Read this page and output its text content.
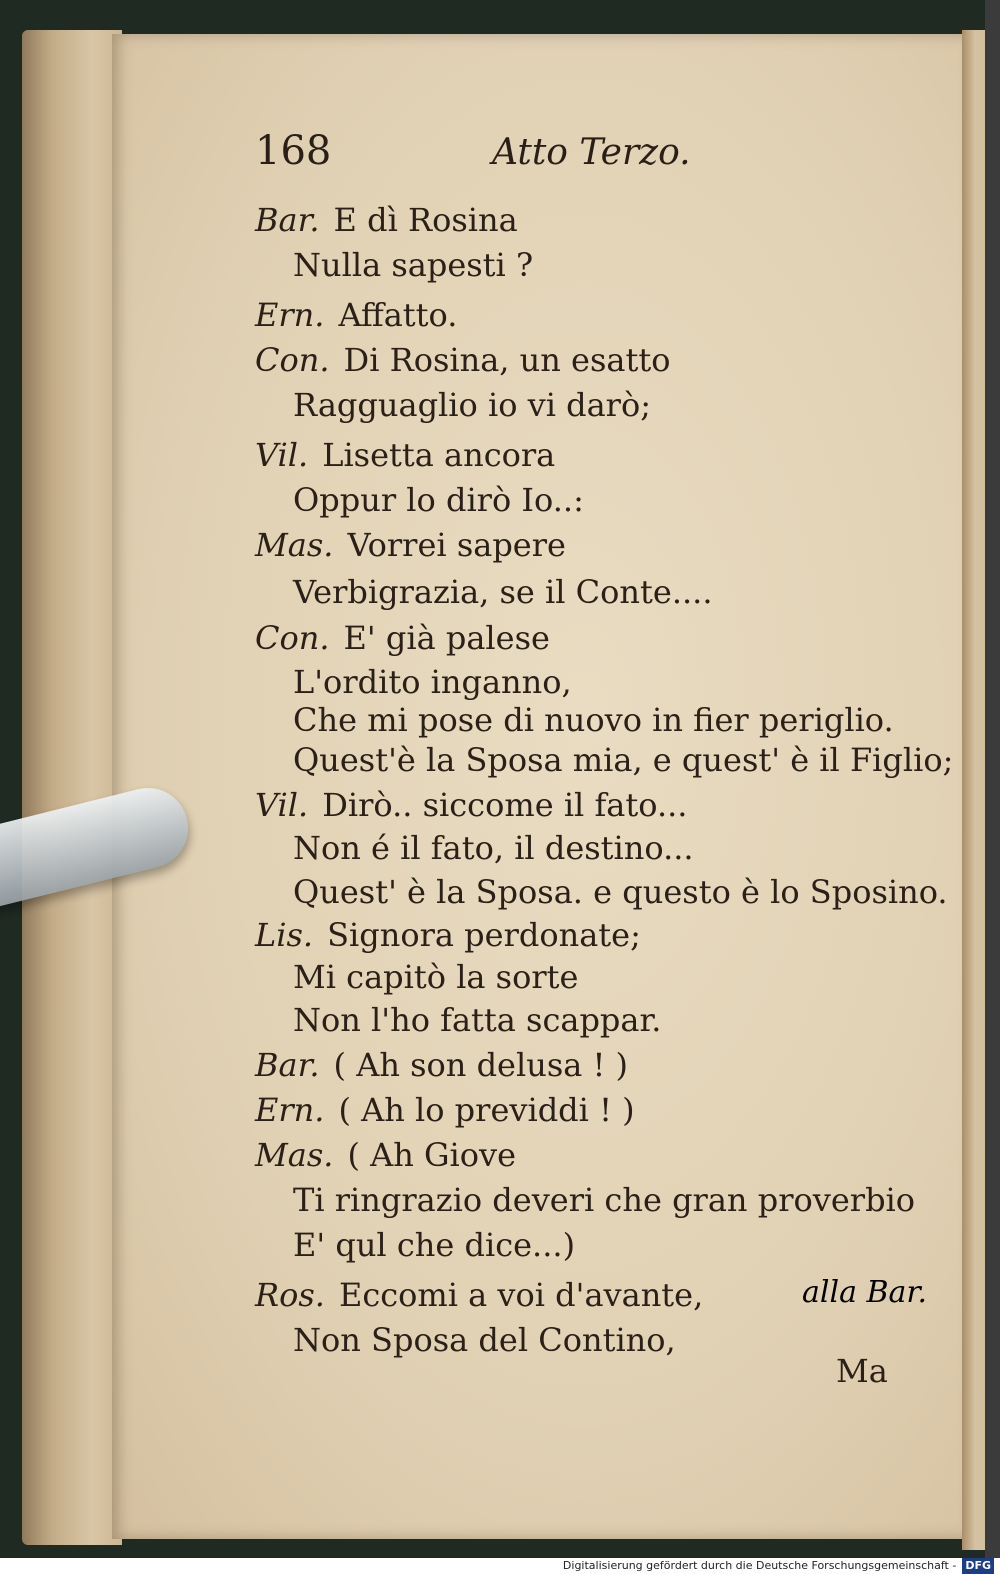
168	Atto Terzo.
Bar. E dì Rosina
Nulla sapesti ?
Ern. Affatto.
Con. Di Rosina, un esatto
Ragguaglio io vi darò;
Vil. Lisetta ancora
Oppur lo dirò Io..:
Mas. Vorrei sapere
Verbigrazia, se il Conte....
Con. E' già palese
L'ordito inganno,
Che mi pose di nuovo in fier periglio.
Quest'è la Sposa mia, e quest' è il Figlio;
Vil. Dirò.. siccome il fato...
Non é il fato, il destino...
Quest' è la Sposa. e questo è lo Sposino.
Lis. Signora perdonate;
Mi capitò la sorte
Non l'ho fatta scappar.
Bar. ( Ah son delusa ! )
Ern. ( Ah lo previddi ! )
Mas. ( Ah Giove
Ti ringrazio deveri che gran proverbio
E' qul che dice...)
Ros. Eccomi a voi d'avante,	alla Bar.
Non Sposa del Contino,
Ma
Digitalisierung gefördert durch die Deutsche Forschungsgemeinschaft - DFG
